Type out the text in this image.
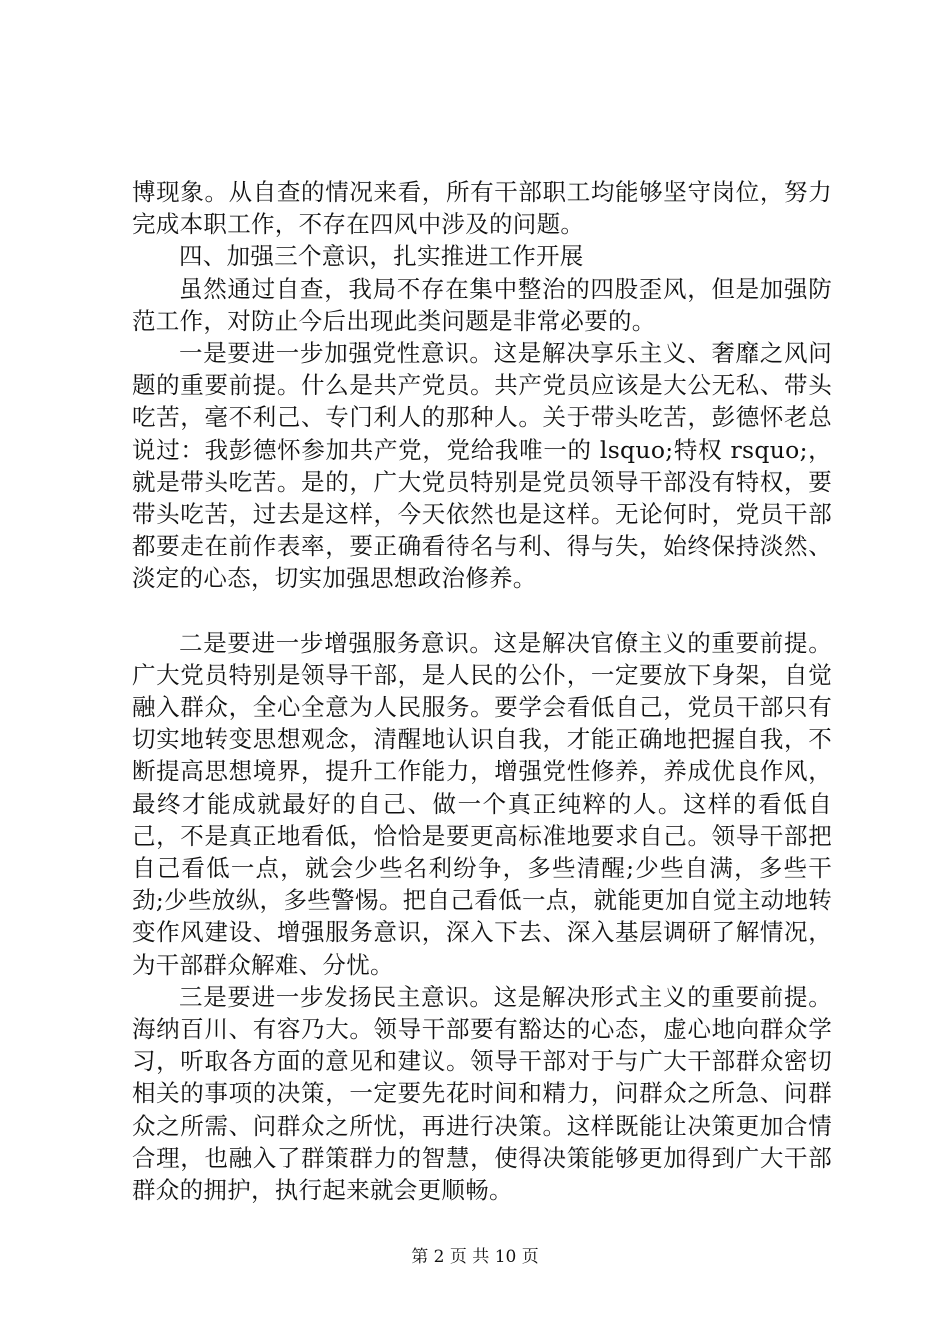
博现象。从自查的情况来看，所有干部职工均能够坚守岗位，努力完成本职工作，不存在四风中涉及的问题。

四、加强三个意识，扎实推进工作开展

虽然通过自查，我局不存在集中整治的四股歪风，但是加强防范工作，对防止今后出现此类问题是非常必要的。

一是要进一步加强党性意识。这是解决享乐主义、奢靡之风问题的重要前提。什么是共产党员。共产党员应该是大公无私、带头吃苦，毫不利己、专门利人的那种人。关于带头吃苦，彭德怀老总说过：我彭德怀参加共产党，党给我唯一的 lsquo;特权 rsquo;，就是带头吃苦。是的，广大党员特别是党员领导干部没有特权，要带头吃苦，过去是这样，今天依然也是这样。无论何时，党员干部都要走在前作表率，要正确看待名与利、得与失，始终保持淡然、淡定的心态，切实加强思想政治修养。

二是要进一步增强服务意识。这是解决官僚主义的重要前提。广大党员特别是领导干部，是人民的公仆，一定要放下身架，自觉融入群众，全心全意为人民服务。要学会看低自己，党员干部只有切实地转变思想观念，清醒地认识自我，才能正确地把握自我，不断提高思想境界，提升工作能力，增强党性修养，养成优良作风，最终才能成就最好的自己、做一个真正纯粹的人。这样的看低自己，不是真正地看低，恰恰是要更高标准地要求自己。领导干部把自己看低一点，就会少些名利纷争，多些清醒;少些自满，多些干劲;少些放纵，多些警惕。把自己看低一点，就能更加自觉主动地转变作风建设、增强服务意识，深入下去、深入基层调研了解情况，为干部群众解难、分忧。

三是要进一步发扬民主意识。这是解决形式主义的重要前提。海纳百川、有容乃大。领导干部要有豁达的心态，虚心地向群众学习，听取各方面的意见和建议。领导干部对于与广大干部群众密切相关的事项的决策，一定要先花时间和精力，问群众之所急、问群众之所需、问群众之所忧，再进行决策。这样既能让决策更加合情合理，也融入了群策群力的智慧，使得决策能够更加得到广大干部群众的拥护，执行起来就会更顺畅。

第 2 页 共 10 页
